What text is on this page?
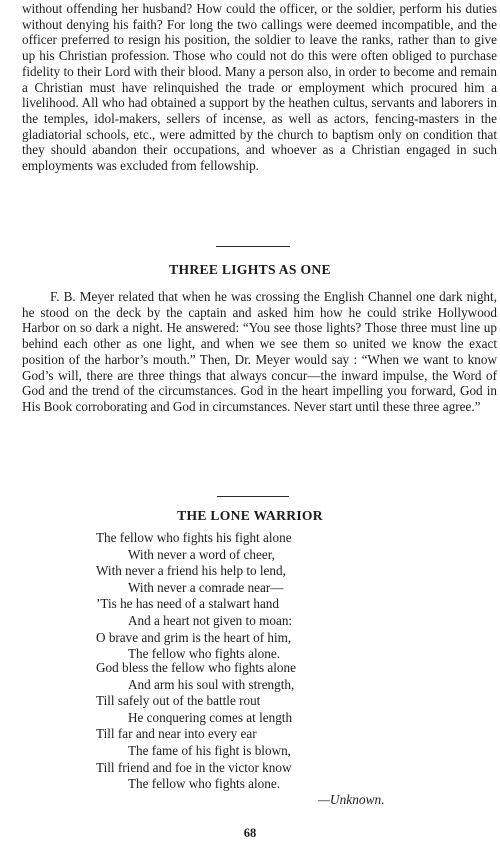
without offending her husband? How could the officer, or the soldier, perform his duties without denying his faith? For long the two callings were deemed incompatible, and the officer preferred to resign his position, the soldier to leave the ranks, rather than to give up his Christian profession. Those who could not do this were often obliged to purchase fidelity to their Lord with their blood. Many a person also, in order to become and remain a Christian must have relinquished the trade or employment which procured him a livelihood. All who had obtained a support by the heathen cultus, servants and laborers in the temples, idol-makers, sellers of incense, as well as actors, fencing-masters in the gladiatorial schools, etc., were admitted by the church to baptism only on condition that they should abandon their occupations, and whoever as a Christian engaged in such employments was excluded from fellowship.

THREE LIGHTS AS ONE

F. B. Meyer related that when he was crossing the English Channel one dark night, he stood on the deck by the captain and asked him how he could strike Hollywood Harbor on so dark a night. He answered: “You see those lights? Those three must line up behind each other as one light, and when we see them so united we know the exact position of the harbor’s mouth.” Then, Dr. Meyer would say : “When we want to know God’s will, there are three things that always concur—the inward impulse, the Word of God and the trend of the circumstances. God in the heart impelling you forward, God in His Book corroborating and God in circumstances. Never start until these three agree.”

THE LONE WARRIOR
The fellow who fights his fight alone
With never a word of cheer,
With never a friend his help to lend,
With never a comrade near—
’Tis he has need of a stalwart hand
And a heart not given to moan:
O brave and grim is the heart of him,
The fellow who fights alone.
God bless the fellow who fights alone
And arm his soul with strength,
Till safely out of the battle rout
He conquering comes at length
Till far and near into every ear
The fame of his fight is blown,
Till friend and foe in the victor know
The fellow who fights alone.
—Unknown.
68
